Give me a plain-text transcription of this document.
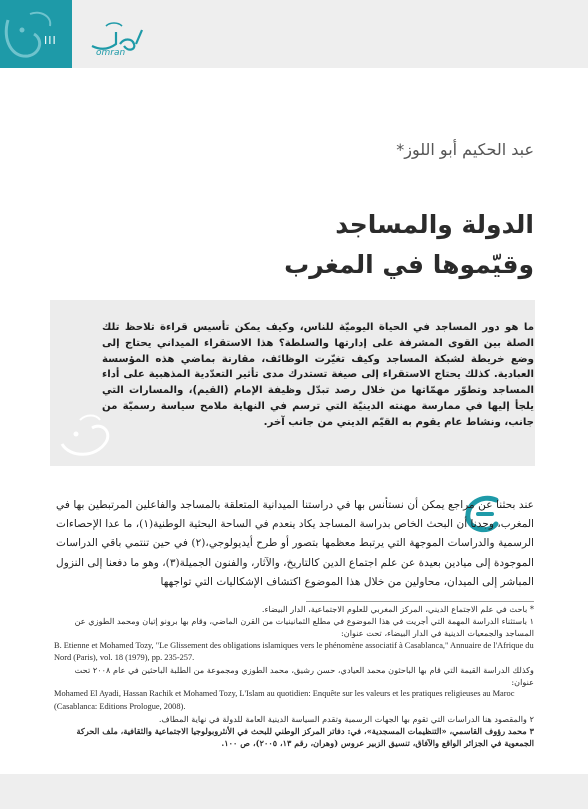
III
omran
عبد الحكيم أبو اللوز*
الدولة والمساجد
وقيّموها في المغرب
ما هو دور المساجد في الحياة اليوميّة للناس، وكيف يمكن تأسيس قراءة تلاحظ تلك الصلة بين القوى المشرفة على إدارتها والسلطة؟ هذا الاستقراء الميداني يحتاج إلى وضع خريطة لشبكة المساجد وكيف تغيّرت الوظائف، مقارنة بماضي هذه المؤسسة العبادية. كذلك يحتاج الاستقراء إلى صيغة تستدرك مدى تأثير التعدّدية المذهبية على أداء المساجد وتطوّر مهمّاتها من خلال رصد تبدّل وظيفة الإمام (القيم)، والمسارات التي يلجأ إليها في ممارسة مهنته الدينيّة التي ترسم في النهاية ملامح سياسة رسميّة من جانب، ونشاط عام يقوم به القيّم الديني من جانب آخر.
عند بحثنا عن مراجع يمكن أن نستأنس بها في دراستنا الميدانية المتعلقة بالمساجد والفاعلين المرتبطين بها في المغرب، وجدنا أن البحث الخاص بدراسة المساجد يكاد ينعدم في الساحة البحثية الوطنية(١)، ما عدا الإحصاءات الرسمية والدراسات الموجهة التي يرتبط معظمها بتصور أو طرح أيديولوجي،(٢) في حين تنتمي باقي الدراسات الموجودة إلى ميادين بعيدة عن علم اجتماع الدين كالتاريخ، والآثار، والفنون الجميلة(٣)، وهو ما دفعنا إلى النزول المباشر إلى الميدان، محاولين من خلال هذا الموضوع اكتشاف الإشكاليات التي تواجهها

* باحث في علم الاجتماع الديني، المركز المغربي للعلوم الاجتماعية، الدار البيضاء.

١ باستثناء الدراسة المهمة التي أجريت في هذا الموضوع في مطلع الثمانينيات من القرن الماضي، وقام بها برونو إتيان ومحمد الطوزي عن المساجد والجمعيات الدينية في الدار البيضاء، تحت عنوان:

B. Etienne et Mohamed Tozy, "Le Glissement des obligations islamiques vers le phénomène associatif à Casablanca," Annuaire de l'Afrique du Nord (Paris), vol. 18 (1979), pp. 235-257.

وكذلك الدراسة القيمة التي قام بها الباحثون محمد العيادي، حسن رشيق، محمد الطوزي ومجموعة من الطلبة الباحثين في عام ٢٠٠٨ تحت عنوان:

Mohamed El Ayadi, Hassan Rachik et Mohamed Tozy, L'Islam au quotidien: Enquête sur les valeurs et les pratiques religieuses au Maroc (Casablanca: Editions Prologue, 2008).

٢ والمقصود هنا الدراسات التي تقوم بها الجهات الرسمية وتقدم السياسة الدينية العامة للدولة في نهاية المطاف.

٣ محمد رؤوف القاسمي، «التنظيمات المسجدية»، في: دفاتر المركز الوطني للبحث في الأنثروبولوجيا الاجتماعية والثقافية، ملف الحركة الجمعوية في الجزائر الواقع والآفاق، تنسيق الزبير عروس (وهران، رقم ١٣، ٢٠٠٥)، ص ١٠٠.
